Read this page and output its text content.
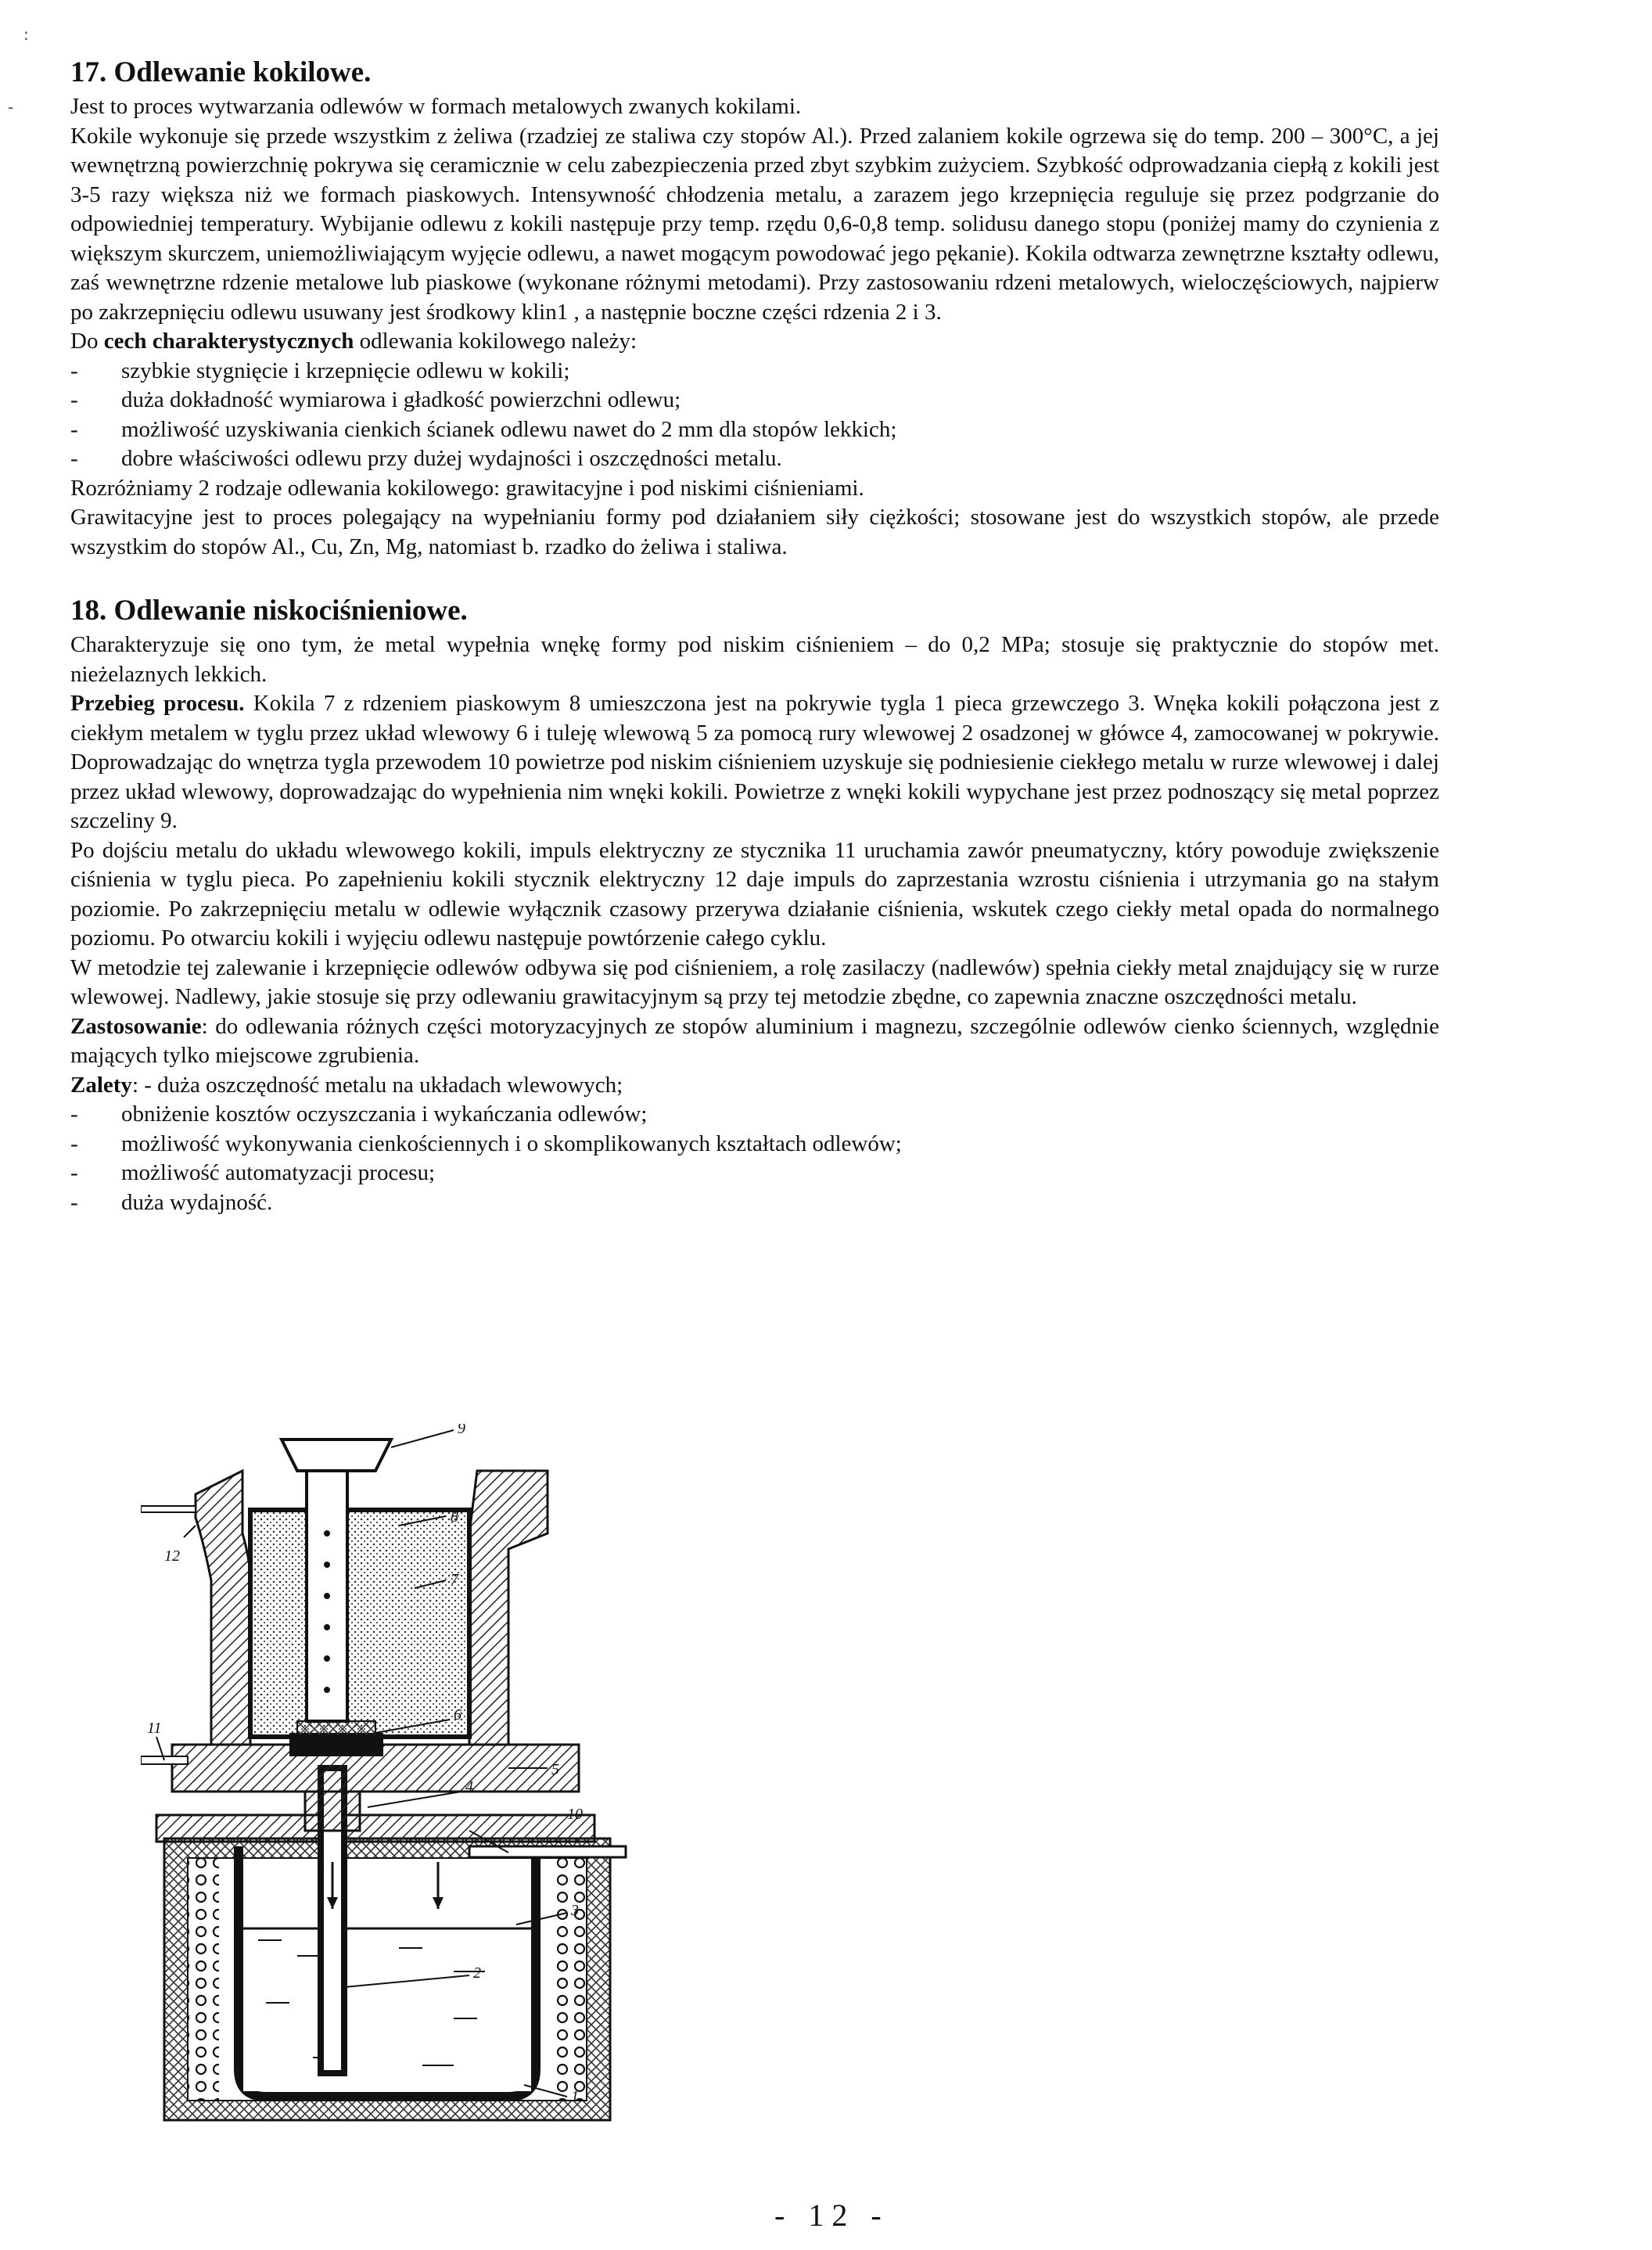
:
-
17. Odlewanie kokilowe.

Jest to proces wytwarzania odlewów w formach metalowych zwanych kokilami.

Kokile wykonuje się przede wszystkim z żeliwa (rzadziej ze staliwa czy stopów Al.). Przed zalaniem kokile ogrzewa się do temp. 200 – 300°C, a jej wewnętrzną powierzchnię pokrywa się ceramicznie w celu zabezpieczenia przed zbyt szybkim zużyciem. Szybkość odprowadzania ciepłą z kokili jest 3-5 razy większa niż we formach piaskowych. Intensywność chłodzenia metalu, a zarazem jego krzepnięcia reguluje się przez podgrzanie do odpowiedniej temperatury. Wybijanie odlewu z kokili następuje przy temp. rzędu 0,6-0,8 temp. solidusu danego stopu (poniżej mamy do czynienia z większym skurczem, uniemożliwiającym wyjęcie odlewu, a nawet mogącym powodować jego pękanie). Kokila odtwarza zewnętrzne kształty odlewu, zaś wewnętrzne rdzenie metalowe lub piaskowe (wykonane różnymi metodami). Przy zastosowaniu rdzeni metalowych, wieloczęściowych, najpierw po zakrzepnięciu odlewu usuwany jest środkowy klin1 , a następnie boczne części rdzenia 2 i 3.

Do cech charakterystycznych odlewania kokilowego należy:

- szybkie stygnięcie i krzepnięcie odlewu w kokili;
- duża dokładność wymiarowa i gładkość powierzchni odlewu;
- możliwość uzyskiwania cienkich ścianek odlewu nawet do 2 mm dla stopów lekkich;
- dobre właściwości odlewu przy dużej wydajności i oszczędności metalu.

Rozróżniamy 2 rodzaje odlewania kokilowego: grawitacyjne i pod niskimi ciśnieniami.

Grawitacyjne jest to proces polegający na wypełnianiu formy pod działaniem siły ciężkości; stosowane jest do wszystkich stopów, ale przede wszystkim do stopów Al., Cu, Zn, Mg, natomiast b. rzadko do żeliwa i staliwa.

18. Odlewanie niskociśnieniowe.

Charakteryzuje się ono tym, że metal wypełnia wnękę formy pod niskim ciśnieniem – do 0,2 MPa; stosuje się praktycznie do stopów met. nieżelaznych lekkich.

Przebieg procesu. Kokila 7 z rdzeniem piaskowym 8 umieszczona jest na pokrywie tygla 1 pieca grzewczego 3. Wnęka kokili połączona jest z ciekłym metalem w tyglu przez układ wlewowy 6 i tuleję wlewową 5 za pomocą rury wlewowej 2 osadzonej w główce 4, zamocowanej w pokrywie. Doprowadzając do wnętrza tygla przewodem 10 powietrze pod niskim ciśnieniem uzyskuje się podniesienie ciekłego metalu w rurze wlewowej i dalej przez układ wlewowy, doprowadzając do wypełnienia nim wnęki kokili. Powietrze z wnęki kokili wypychane jest przez podnoszący się metal poprzez szczeliny 9.

Po dojściu metalu do układu wlewowego kokili, impuls elektryczny ze stycznika 11 uruchamia zawór pneumatyczny, który powoduje zwiększenie ciśnienia w tyglu pieca. Po zapełnieniu kokili stycznik elektryczny 12 daje impuls do zaprzestania wzrostu ciśnienia i utrzymania go na stałym poziomie. Po zakrzepnięciu metalu w odlewie wyłącznik czasowy przerywa działanie ciśnienia, wskutek czego ciekły metal opada do normalnego poziomu. Po otwarciu kokili i wyjęciu odlewu następuje powtórzenie całego cyklu.

W metodzie tej zalewanie i krzepnięcie odlewów odbywa się pod ciśnieniem, a rolę zasilaczy (nadlewów) spełnia ciekły metal znajdujący się w rurze wlewowej. Nadlewy, jakie stosuje się przy odlewaniu grawitacyjnym są przy tej metodzie zbędne, co zapewnia znaczne oszczędności metalu.

Zastosowanie: do odlewania różnych części motoryzacyjnych ze stopów aluminium i magnezu, szczególnie odlewów cienko ściennych, względnie mających tylko miejscowe zgrubienia.

Zalety: - duża oszczędność metalu na układach wlewowych;

- obniżenie kosztów oczyszczania i wykańczania odlewów;
- możliwość wykonywania cienkościennych i o skomplikowanych kształtach odlewów;
- możliwość automatyzacji procesu;
- duża wydajność.
9
12
8
7
11
6
5
4
10
3
2
1
- 12 -
